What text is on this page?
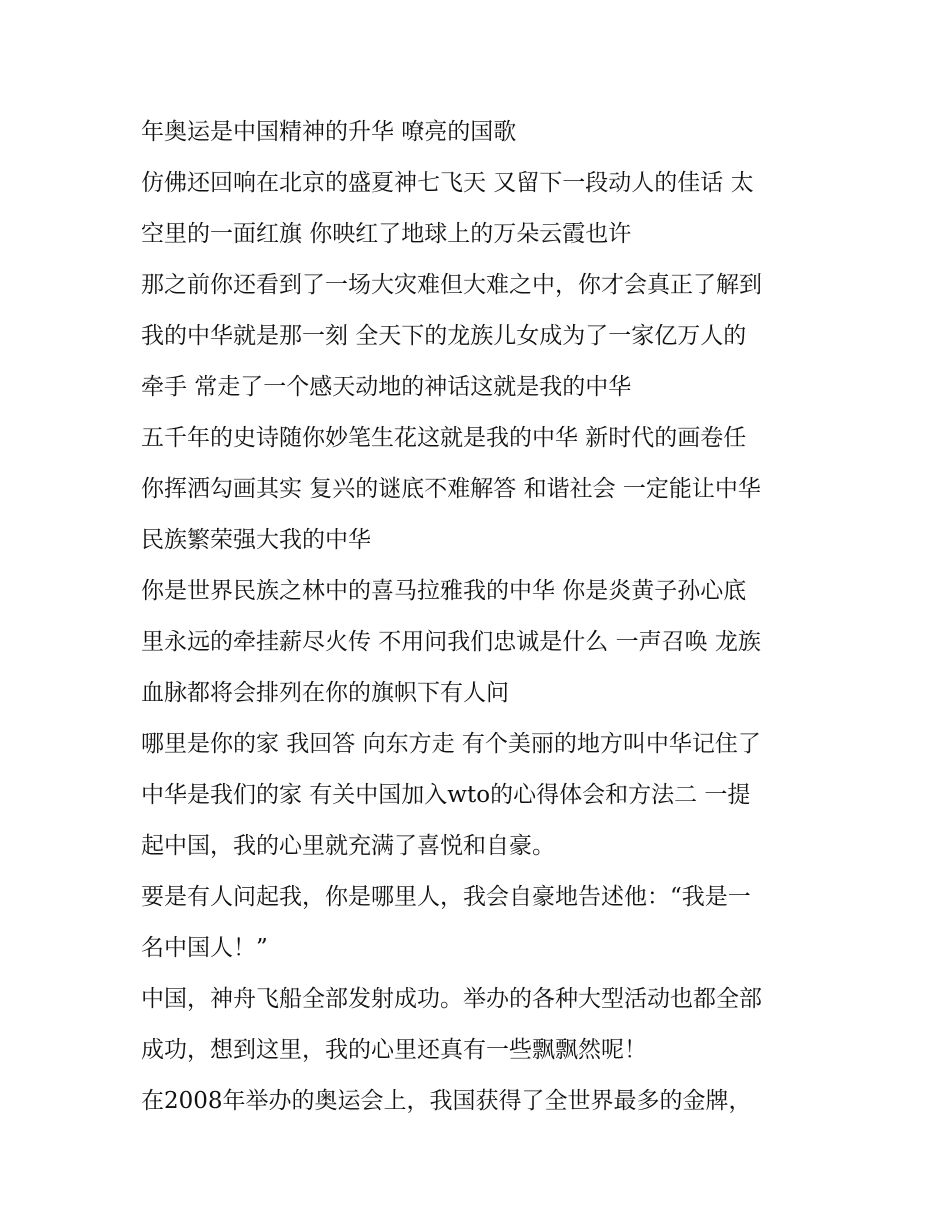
年奥运是中国精神的升华 嘹亮的国歌
仿佛还回响在北京的盛夏神七飞天 又留下一段动人的佳话 太
空里的一面红旗 你映红了地球上的万朵云霞也许
那之前你还看到了一场大灾难但大难之中，你才会真正了解到
我的中华就是那一刻 全天下的龙族儿女成为了一家亿万人的
牵手 常走了一个感天动地的神话这就是我的中华
五千年的史诗随你妙笔生花这就是我的中华 新时代的画卷任
你挥洒勾画其实 复兴的谜底不难解答 和谐社会 一定能让中华
民族繁荣强大我的中华
你是世界民族之林中的喜马拉雅我的中华 你是炎黄子孙心底
里永远的牵挂薪尽火传 不用问我们忠诚是什么 一声召唤 龙族
血脉都将会排列在你的旗帜下有人问
哪里是你的家 我回答 向东方走 有个美丽的地方叫中华记住了
中华是我们的家 有关中国加入wto的心得体会和方法二 一提
起中国，我的心里就充满了喜悦和自豪。
要是有人问起我，你是哪里人，我会自豪地告述他：“我是一
名中国人！”
中国，神舟飞船全部发射成功。举办的各种大型活动也都全部
成功，想到这里，我的心里还真有一些飘飘然呢！
在2008年举办的奥运会上，我国获得了全世界最多的金牌，
